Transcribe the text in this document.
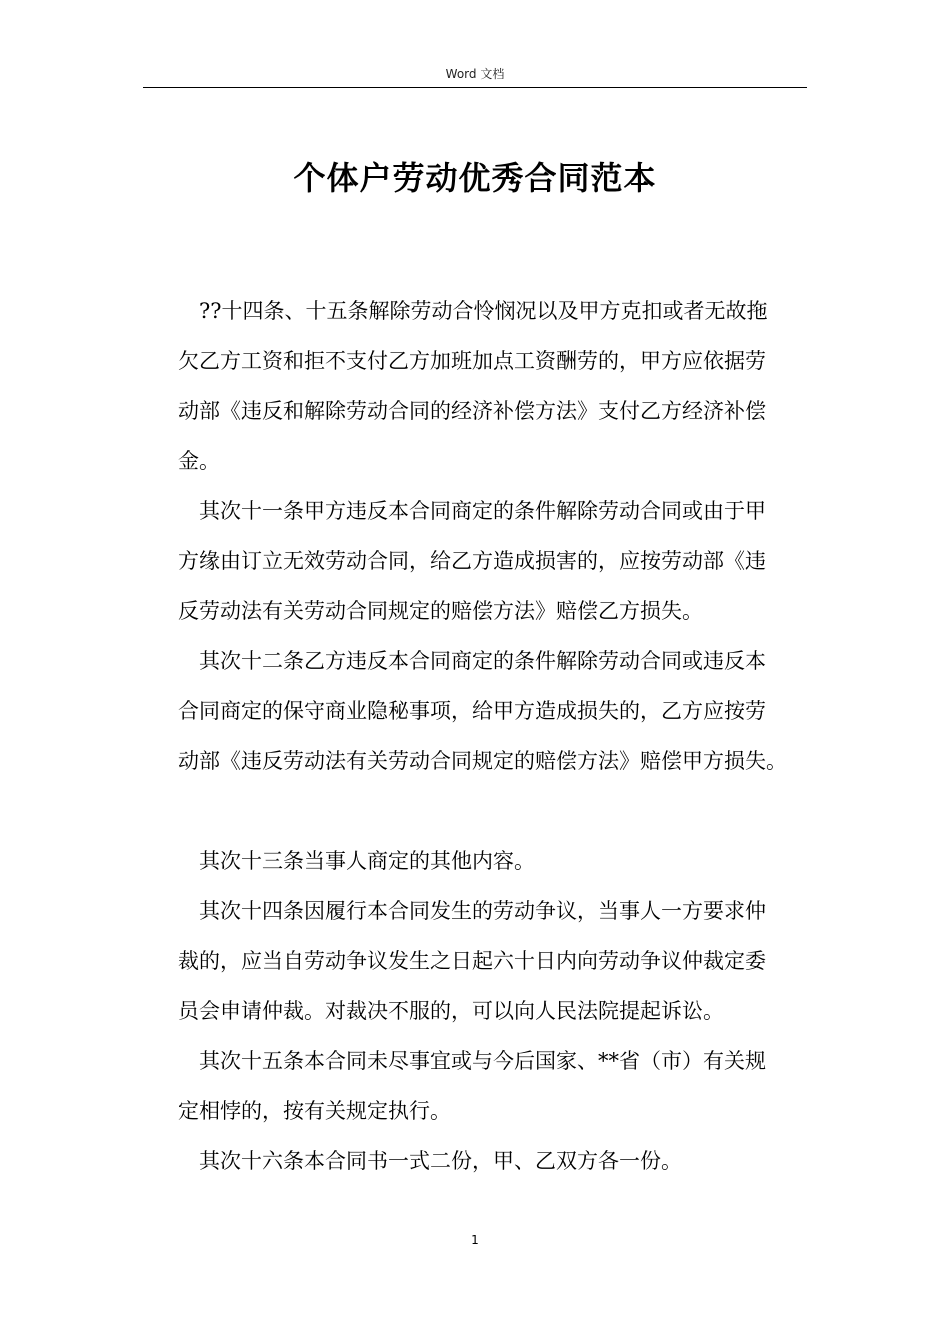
Word 文档
个体户劳动优秀合同范本
??十四条、十五条解除劳动合怜悯况以及甲方克扣或者无故拖
欠乙方工资和拒不支付乙方加班加点工资酬劳的，甲方应依据劳
动部《违反和解除劳动合同的经济补偿方法》支付乙方经济补偿
金。
其次十一条甲方违反本合同商定的条件解除劳动合同或由于甲
方缘由订立无效劳动合同，给乙方造成损害的，应按劳动部《违
反劳动法有关劳动合同规定的赔偿方法》赔偿乙方损失。
其次十二条乙方违反本合同商定的条件解除劳动合同或违反本
合同商定的保守商业隐秘事项，给甲方造成损失的，乙方应按劳
动部《违反劳动法有关劳动合同规定的赔偿方法》赔偿甲方损失。
其次十三条当事人商定的其他内容。
其次十四条因履行本合同发生的劳动争议，当事人一方要求仲
裁的，应当自劳动争议发生之日起六十日内向劳动争议仲裁定委
员会申请仲裁。对裁决不服的，可以向人民法院提起诉讼。
其次十五条本合同未尽事宜或与今后国家、**省（市）有关规
定相悖的，按有关规定执行。
其次十六条本合同书一式二份，甲、乙双方各一份。
1
